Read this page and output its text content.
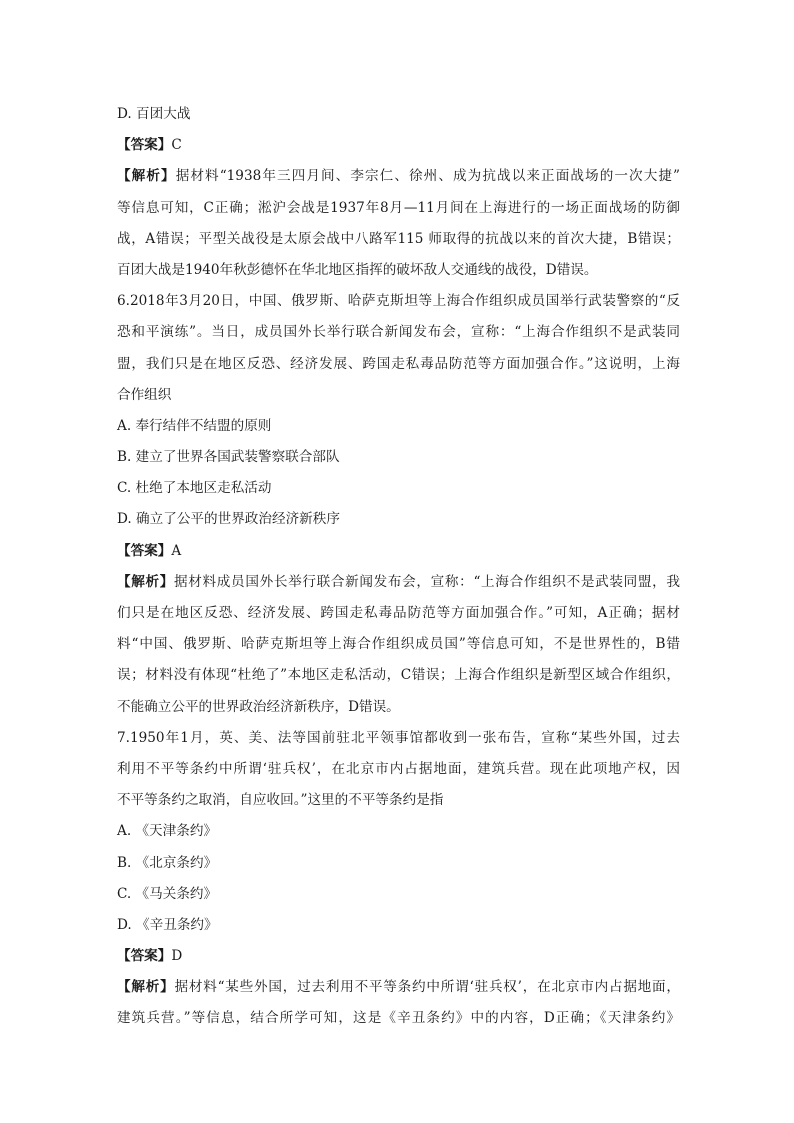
D. 百团大战
【答案】C
【解析】据材料“1938年三四月间、李宗仁、徐州、成为抗战以来正面战场的一次大捷”
等信息可知，C正确；淞沪会战是1937年8月—11月间在上海进行的一场正面战场的防御
战，A错误；平型关战役是太原会战中八路军115 师取得的抗战以来的首次大捷，B错误；
百团大战是1940年秋彭德怀在华北地区指挥的破坏敌人交通线的战役，D错误。
6.2018年3月20日，中国、俄罗斯、哈萨克斯坦等上海合作组织成员国举行武装警察的“反
恐和平演练”。当日，成员国外长举行联合新闻发布会，宣称：“上海合作组织不是武装同
盟，我们只是在地区反恐、经济发展、跨国走私毒品防范等方面加强合作。”这说明，上海
合作组织
A. 奉行结伴不结盟的原则
B. 建立了世界各国武装警察联合部队
C. 杜绝了本地区走私活动
D. 确立了公平的世界政治经济新秩序
【答案】A
【解析】据材料成员国外长举行联合新闻发布会，宣称：“上海合作组织不是武装同盟，我
们只是在地区反恐、经济发展、跨国走私毒品防范等方面加强合作。”可知，A正确；据材
料“中国、俄罗斯、哈萨克斯坦等上海合作组织成员国”等信息可知，不是世界性的，B错
误；材料没有体现“杜绝了”本地区走私活动，C错误；上海合作组织是新型区域合作组织，
不能确立公平的世界政治经济新秩序，D错误。
7.1950年1月，英、美、法等国前驻北平领事馆都收到一张布告，宣称“某些外国，过去
利用不平等条约中所谓‘驻兵权’，在北京市内占据地面，建筑兵营。现在此项地产权，因
不平等条约之取消，自应收回。”这里的不平等条约是指
A. 《天津条约》
B. 《北京条约》
C. 《马关条约》
D. 《辛丑条约》
【答案】D
【解析】据材料“某些外国，过去利用不平等条约中所谓‘驻兵权’，在北京市内占据地面，
建筑兵营。”等信息，结合所学可知，这是《辛丑条约》中的内容，D正确；《天津条约》
